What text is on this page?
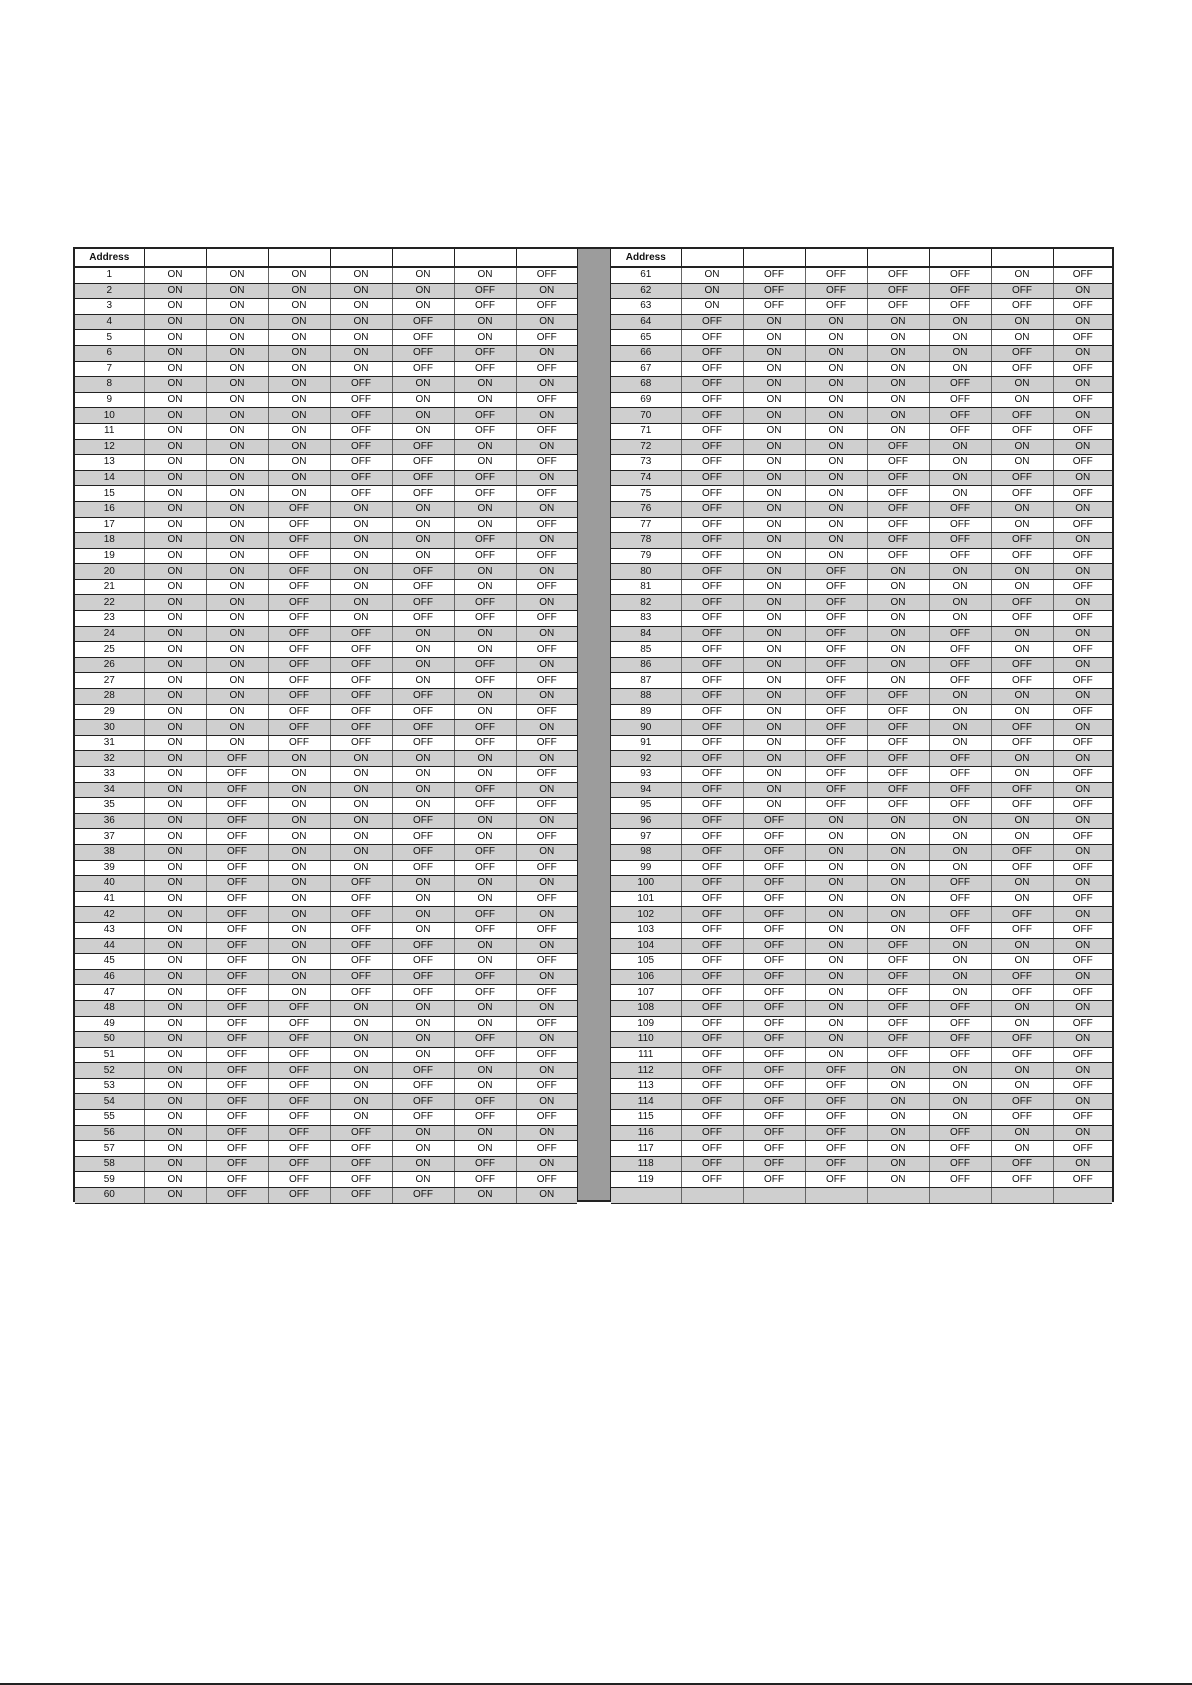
Address							
1	ON	ON	ON	ON	ON	ON	OFF
2	ON	ON	ON	ON	ON	OFF	ON
3	ON	ON	ON	ON	ON	OFF	OFF
4	ON	ON	ON	ON	OFF	ON	ON
5	ON	ON	ON	ON	OFF	ON	OFF
6	ON	ON	ON	ON	OFF	OFF	ON
7	ON	ON	ON	ON	OFF	OFF	OFF
8	ON	ON	ON	OFF	ON	ON	ON
9	ON	ON	ON	OFF	ON	ON	OFF
10	ON	ON	ON	OFF	ON	OFF	ON
11	ON	ON	ON	OFF	ON	OFF	OFF
12	ON	ON	ON	OFF	OFF	ON	ON
13	ON	ON	ON	OFF	OFF	ON	OFF
14	ON	ON	ON	OFF	OFF	OFF	ON
15	ON	ON	ON	OFF	OFF	OFF	OFF
16	ON	ON	OFF	ON	ON	ON	ON
17	ON	ON	OFF	ON	ON	ON	OFF
18	ON	ON	OFF	ON	ON	OFF	ON
19	ON	ON	OFF	ON	ON	OFF	OFF
20	ON	ON	OFF	ON	OFF	ON	ON
21	ON	ON	OFF	ON	OFF	ON	OFF
22	ON	ON	OFF	ON	OFF	OFF	ON
23	ON	ON	OFF	ON	OFF	OFF	OFF
24	ON	ON	OFF	OFF	ON	ON	ON
25	ON	ON	OFF	OFF	ON	ON	OFF
26	ON	ON	OFF	OFF	ON	OFF	ON
27	ON	ON	OFF	OFF	ON	OFF	OFF
28	ON	ON	OFF	OFF	OFF	ON	ON
29	ON	ON	OFF	OFF	OFF	ON	OFF
30	ON	ON	OFF	OFF	OFF	OFF	ON
31	ON	ON	OFF	OFF	OFF	OFF	OFF
32	ON	OFF	ON	ON	ON	ON	ON
33	ON	OFF	ON	ON	ON	ON	OFF
34	ON	OFF	ON	ON	ON	OFF	ON
35	ON	OFF	ON	ON	ON	OFF	OFF
36	ON	OFF	ON	ON	OFF	ON	ON
37	ON	OFF	ON	ON	OFF	ON	OFF
38	ON	OFF	ON	ON	OFF	OFF	ON
39	ON	OFF	ON	ON	OFF	OFF	OFF
40	ON	OFF	ON	OFF	ON	ON	ON
41	ON	OFF	ON	OFF	ON	ON	OFF
42	ON	OFF	ON	OFF	ON	OFF	ON
43	ON	OFF	ON	OFF	ON	OFF	OFF
44	ON	OFF	ON	OFF	OFF	ON	ON
45	ON	OFF	ON	OFF	OFF	ON	OFF
46	ON	OFF	ON	OFF	OFF	OFF	ON
47	ON	OFF	ON	OFF	OFF	OFF	OFF
48	ON	OFF	OFF	ON	ON	ON	ON
49	ON	OFF	OFF	ON	ON	ON	OFF
50	ON	OFF	OFF	ON	ON	OFF	ON
51	ON	OFF	OFF	ON	ON	OFF	OFF
52	ON	OFF	OFF	ON	OFF	ON	ON
53	ON	OFF	OFF	ON	OFF	ON	OFF
54	ON	OFF	OFF	ON	OFF	OFF	ON
55	ON	OFF	OFF	ON	OFF	OFF	OFF
56	ON	OFF	OFF	OFF	ON	ON	ON
57	ON	OFF	OFF	OFF	ON	ON	OFF
58	ON	OFF	OFF	OFF	ON	OFF	ON
59	ON	OFF	OFF	OFF	ON	OFF	OFF
60	ON	OFF	OFF	OFF	OFF	ON	ON
Address							
61	ON	OFF	OFF	OFF	OFF	ON	OFF
62	ON	OFF	OFF	OFF	OFF	OFF	ON
63	ON	OFF	OFF	OFF	OFF	OFF	OFF
64	OFF	ON	ON	ON	ON	ON	ON
65	OFF	ON	ON	ON	ON	ON	OFF
66	OFF	ON	ON	ON	ON	OFF	ON
67	OFF	ON	ON	ON	ON	OFF	OFF
68	OFF	ON	ON	ON	OFF	ON	ON
69	OFF	ON	ON	ON	OFF	ON	OFF
70	OFF	ON	ON	ON	OFF	OFF	ON
71	OFF	ON	ON	ON	OFF	OFF	OFF
72	OFF	ON	ON	OFF	ON	ON	ON
73	OFF	ON	ON	OFF	ON	ON	OFF
74	OFF	ON	ON	OFF	ON	OFF	ON
75	OFF	ON	ON	OFF	ON	OFF	OFF
76	OFF	ON	ON	OFF	OFF	ON	ON
77	OFF	ON	ON	OFF	OFF	ON	OFF
78	OFF	ON	ON	OFF	OFF	OFF	ON
79	OFF	ON	ON	OFF	OFF	OFF	OFF
80	OFF	ON	OFF	ON	ON	ON	ON
81	OFF	ON	OFF	ON	ON	ON	OFF
82	OFF	ON	OFF	ON	ON	OFF	ON
83	OFF	ON	OFF	ON	ON	OFF	OFF
84	OFF	ON	OFF	ON	OFF	ON	ON
85	OFF	ON	OFF	ON	OFF	ON	OFF
86	OFF	ON	OFF	ON	OFF	OFF	ON
87	OFF	ON	OFF	ON	OFF	OFF	OFF
88	OFF	ON	OFF	OFF	ON	ON	ON
89	OFF	ON	OFF	OFF	ON	ON	OFF
90	OFF	ON	OFF	OFF	ON	OFF	ON
91	OFF	ON	OFF	OFF	ON	OFF	OFF
92	OFF	ON	OFF	OFF	OFF	ON	ON
93	OFF	ON	OFF	OFF	OFF	ON	OFF
94	OFF	ON	OFF	OFF	OFF	OFF	ON
95	OFF	ON	OFF	OFF	OFF	OFF	OFF
96	OFF	OFF	ON	ON	ON	ON	ON
97	OFF	OFF	ON	ON	ON	ON	OFF
98	OFF	OFF	ON	ON	ON	OFF	ON
99	OFF	OFF	ON	ON	ON	OFF	OFF
100	OFF	OFF	ON	ON	OFF	ON	ON
101	OFF	OFF	ON	ON	OFF	ON	OFF
102	OFF	OFF	ON	ON	OFF	OFF	ON
103	OFF	OFF	ON	ON	OFF	OFF	OFF
104	OFF	OFF	ON	OFF	ON	ON	ON
105	OFF	OFF	ON	OFF	ON	ON	OFF
106	OFF	OFF	ON	OFF	ON	OFF	ON
107	OFF	OFF	ON	OFF	ON	OFF	OFF
108	OFF	OFF	ON	OFF	OFF	ON	ON
109	OFF	OFF	ON	OFF	OFF	ON	OFF
110	OFF	OFF	ON	OFF	OFF	OFF	ON
111	OFF	OFF	ON	OFF	OFF	OFF	OFF
112	OFF	OFF	OFF	ON	ON	ON	ON
113	OFF	OFF	OFF	ON	ON	ON	OFF
114	OFF	OFF	OFF	ON	ON	OFF	ON
115	OFF	OFF	OFF	ON	ON	OFF	OFF
116	OFF	OFF	OFF	ON	OFF	ON	ON
117	OFF	OFF	OFF	ON	OFF	ON	OFF
118	OFF	OFF	OFF	ON	OFF	OFF	ON
119	OFF	OFF	OFF	ON	OFF	OFF	OFF
